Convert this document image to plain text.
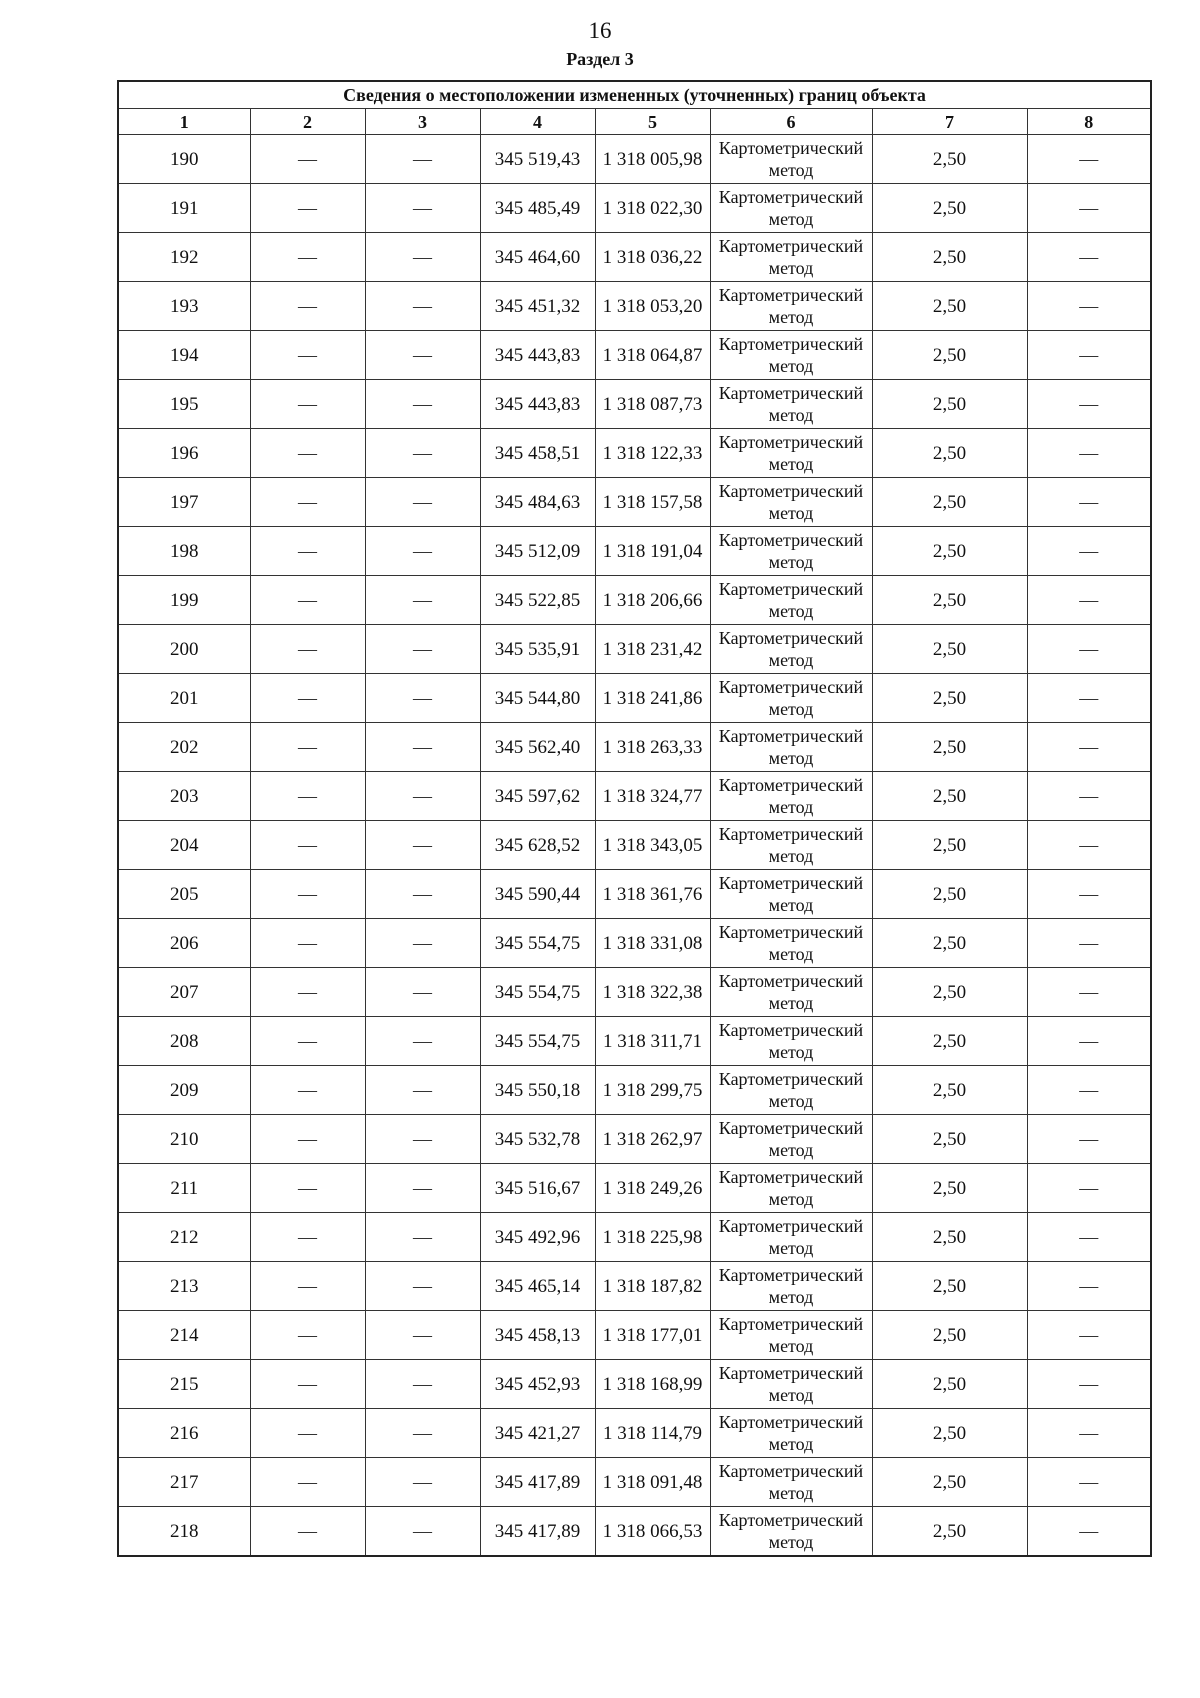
16
Раздел 3
Сведения о местоположении измененных (уточненных) границ объекта							
1	2	3	4	5	6	7	8
190	—	—	345 519,43	1 318 005,98	Картометрический метод	2,50	—
191	—	—	345 485,49	1 318 022,30	Картометрический метод	2,50	—
192	—	—	345 464,60	1 318 036,22	Картометрический метод	2,50	—
193	—	—	345 451,32	1 318 053,20	Картометрический метод	2,50	—
194	—	—	345 443,83	1 318 064,87	Картометрический метод	2,50	—
195	—	—	345 443,83	1 318 087,73	Картометрический метод	2,50	—
196	—	—	345 458,51	1 318 122,33	Картометрический метод	2,50	—
197	—	—	345 484,63	1 318 157,58	Картометрический метод	2,50	—
198	—	—	345 512,09	1 318 191,04	Картометрический метод	2,50	—
199	—	—	345 522,85	1 318 206,66	Картометрический метод	2,50	—
200	—	—	345 535,91	1 318 231,42	Картометрический метод	2,50	—
201	—	—	345 544,80	1 318 241,86	Картометрический метод	2,50	—
202	—	—	345 562,40	1 318 263,33	Картометрический метод	2,50	—
203	—	—	345 597,62	1 318 324,77	Картометрический метод	2,50	—
204	—	—	345 628,52	1 318 343,05	Картометрический метод	2,50	—
205	—	—	345 590,44	1 318 361,76	Картометрический метод	2,50	—
206	—	—	345 554,75	1 318 331,08	Картометрический метод	2,50	—
207	—	—	345 554,75	1 318 322,38	Картометрический метод	2,50	—
208	—	—	345 554,75	1 318 311,71	Картометрический метод	2,50	—
209	—	—	345 550,18	1 318 299,75	Картометрический метод	2,50	—
210	—	—	345 532,78	1 318 262,97	Картометрический метод	2,50	—
211	—	—	345 516,67	1 318 249,26	Картометрический метод	2,50	—
212	—	—	345 492,96	1 318 225,98	Картометрический метод	2,50	—
213	—	—	345 465,14	1 318 187,82	Картометрический метод	2,50	—
214	—	—	345 458,13	1 318 177,01	Картометрический метод	2,50	—
215	—	—	345 452,93	1 318 168,99	Картометрический метод	2,50	—
216	—	—	345 421,27	1 318 114,79	Картометрический метод	2,50	—
217	—	—	345 417,89	1 318 091,48	Картометрический метод	2,50	—
218	—	—	345 417,89	1 318 066,53	Картометрический метод	2,50	—
